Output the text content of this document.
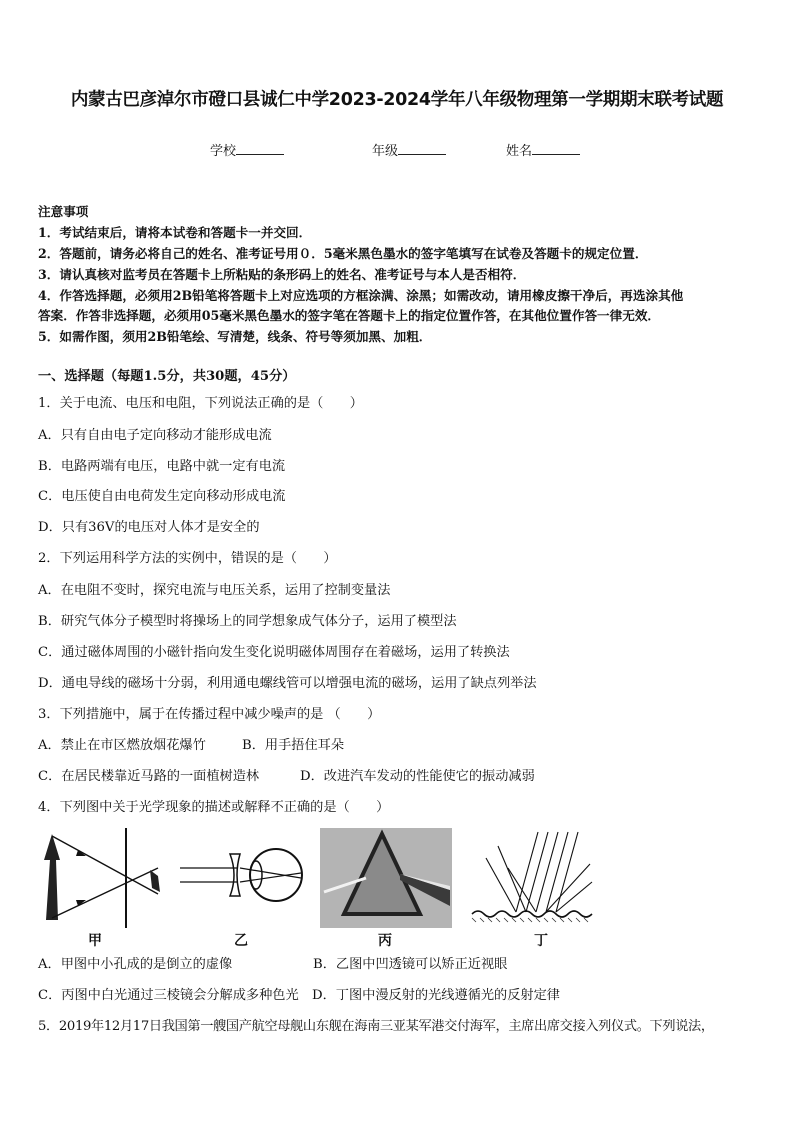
内蒙古巴彦淖尔市磴口县诚仁中学2023-2024学年八年级物理第一学期期末联考试题
学校	年级	姓名
注意事项
1．考试结束后，请将本试卷和答题卡一并交回．
2．答题前，请务必将自己的姓名、准考证号用０．5毫米黑色墨水的签字笔填写在试卷及答题卡的规定位置．
3．请认真核对监考员在答题卡上所粘贴的条形码上的姓名、准考证号与本人是否相符．
4．作答选择题，必须用2B铅笔将答题卡上对应选项的方框涂满、涂黑；如需改动，请用橡皮擦干净后，再选涂其他
答案．作答非选择题，必须用05毫米黑色墨水的签字笔在答题卡上的指定位置作答，在其他位置作答一律无效．
5．如需作图，须用2B铅笔绘、写清楚，线条、符号等须加黑、加粗．
一、选择题（每题1.5分，共30题，45分）
1．关于电流、电压和电阻，下列说法正确的是（　　）
A．只有自由电子定向移动才能形成电流
B．电路两端有电压，电路中就一定有电流
C．电压使自由电荷发生定向移动形成电流
D．只有36V的电压对人体才是安全的
2．下列运用科学方法的实例中，错误的是（　　）
A．在电阻不变时，探究电流与电压关系，运用了控制变量法
B．研究气体分子模型时将操场上的同学想象成气体分子，运用了模型法
C．通过磁体周围的小磁针指向发生变化说明磁体周围存在着磁场，运用了转换法
D．通电导线的磁场十分弱，利用通电螺线管可以增强电流的磁场，运用了缺点列举法
3．下列措施中，属于在传播过程中减少噪声的是 （　　）
A．禁止在市区燃放烟花爆竹	B．用手捂住耳朵
C．在居民楼靠近马路的一面植树造林	D．改进汽车发动的性能使它的振动减弱
4．下列图中关于光学现象的描述或解释不正确的是（　　）
甲	乙	丙	丁
A．甲图中小孔成的是倒立的虚像	B．乙图中凹透镜可以矫正近视眼
C．丙图中白光通过三棱镜会分解成多种色光 D．丁图中漫反射的光线遵循光的反射定律
5．2019年12月17日我国第一艘国产航空母舰山东舰在海南三亚某军港交付海军，主席出席交接入列仪式。下列说法，
